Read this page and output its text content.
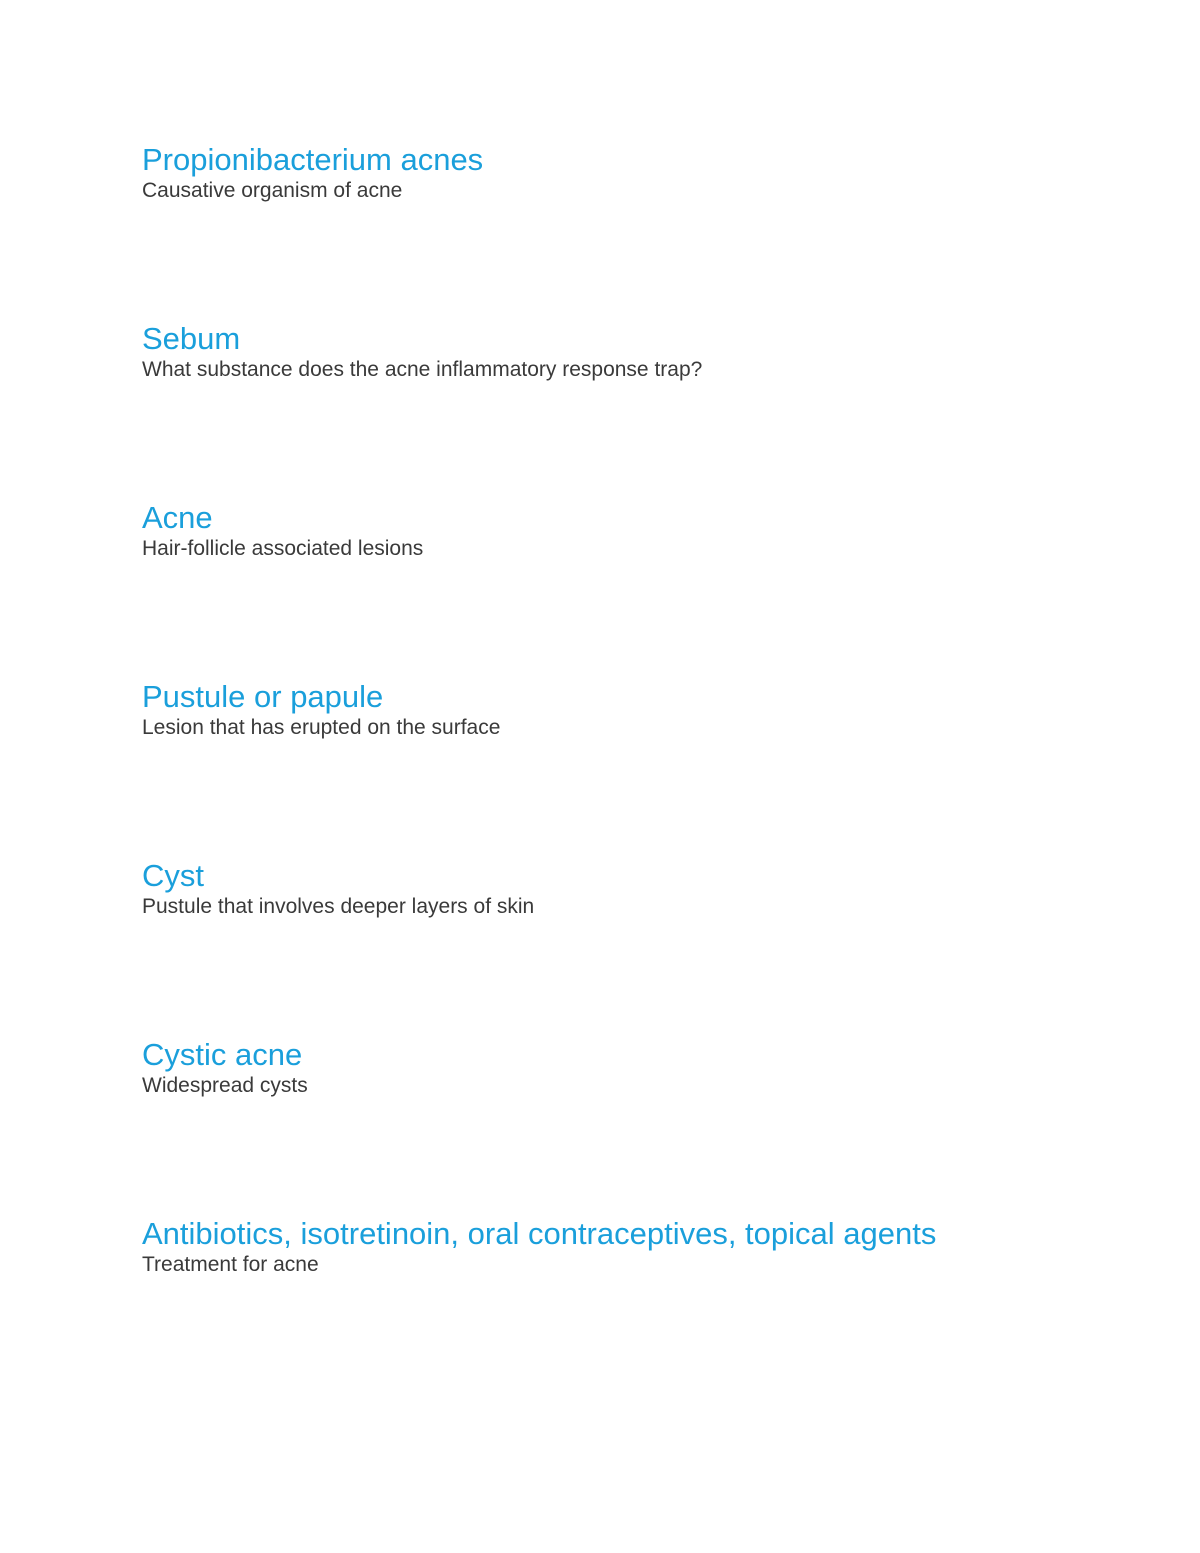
Propionibacterium acnes
Causative organism of acne
Sebum
What substance does the acne inflammatory response trap?
Acne
Hair-follicle associated lesions
Pustule or papule
Lesion that has erupted on the surface
Cyst
Pustule that involves deeper layers of skin
Cystic acne
Widespread cysts
Antibiotics, isotretinoin, oral contraceptives, topical agents
Treatment for acne
